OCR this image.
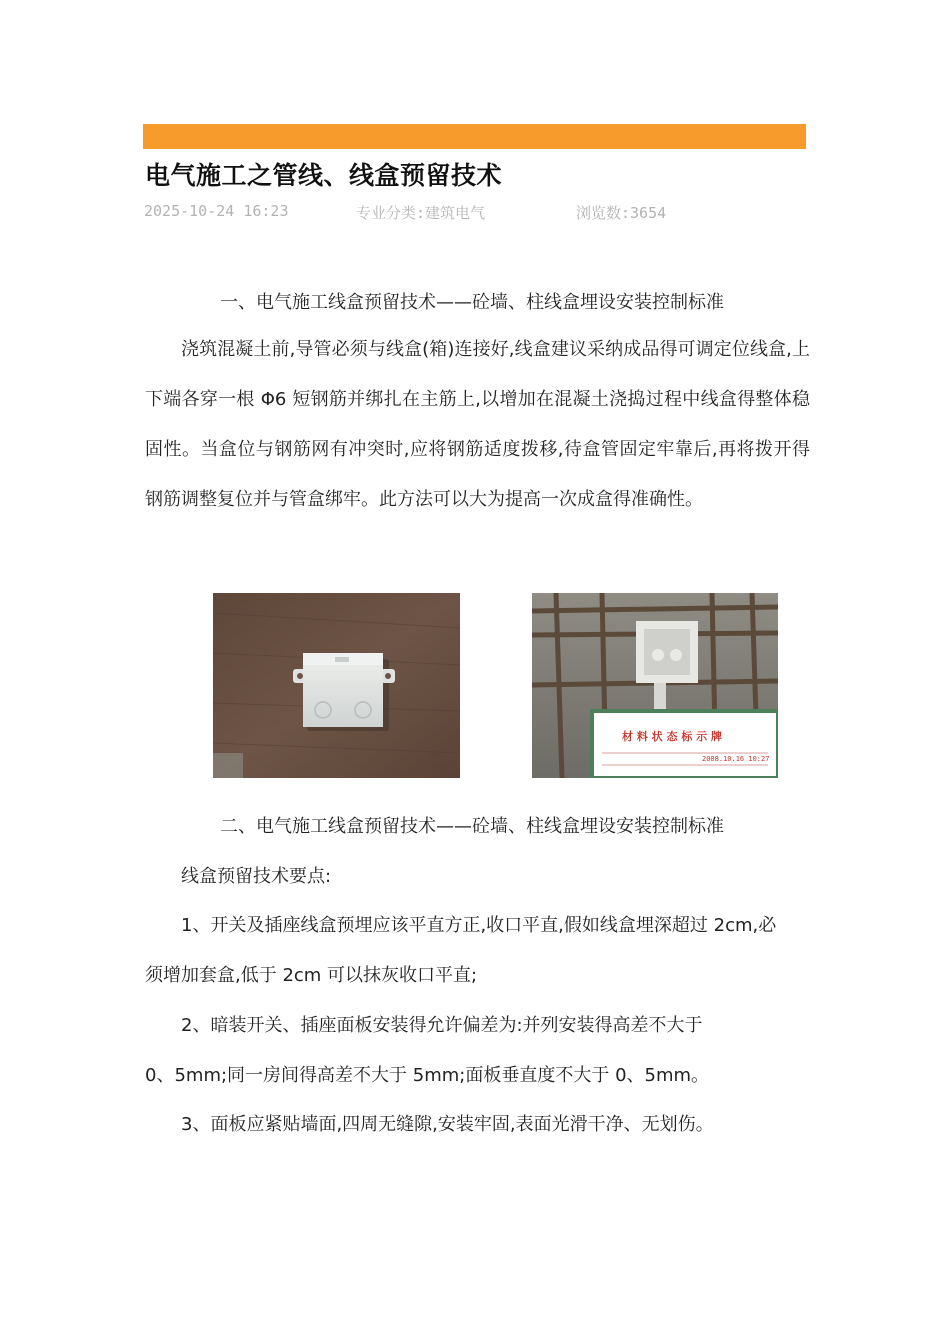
电气施工之管线、线盒预留技术
2025-10-24 16:23	专业分类:建筑电气	浏览数:3654
一、电气施工线盒预留技术——砼墙、柱线盒埋设安装控制标准
浇筑混凝土前,导管必须与线盒(箱)连接好,线盒建议采纳成品得可调定位线盒,上下端各穿一根 Φ6 短钢筋并绑扎在主筋上,以增加在混凝土浇捣过程中线盒得整体稳固性。当盒位与钢筋网有冲突时,应将钢筋适度拨移,待盒管固定牢靠后,再将拨开得钢筋调整复位并与管盒绑牢。此方法可以大为提高一次成盒得准确性。
材 料 状 态 标 示 牌
2008.10.16 10:27
二、电气施工线盒预留技术——砼墙、柱线盒埋设安装控制标准
线盒预留技术要点:
1、开关及插座线盒预埋应该平直方正,收口平直,假如线盒埋深超过 2cm,必
须增加套盒,低于 2cm 可以抹灰收口平直;
2、暗装开关、插座面板安装得允许偏差为:并列安装得高差不大于
0、5mm;同一房间得高差不大于 5mm;面板垂直度不大于 0、5mm。
3、面板应紧贴墙面,四周无缝隙,安装牢固,表面光滑干净、无划伤。
